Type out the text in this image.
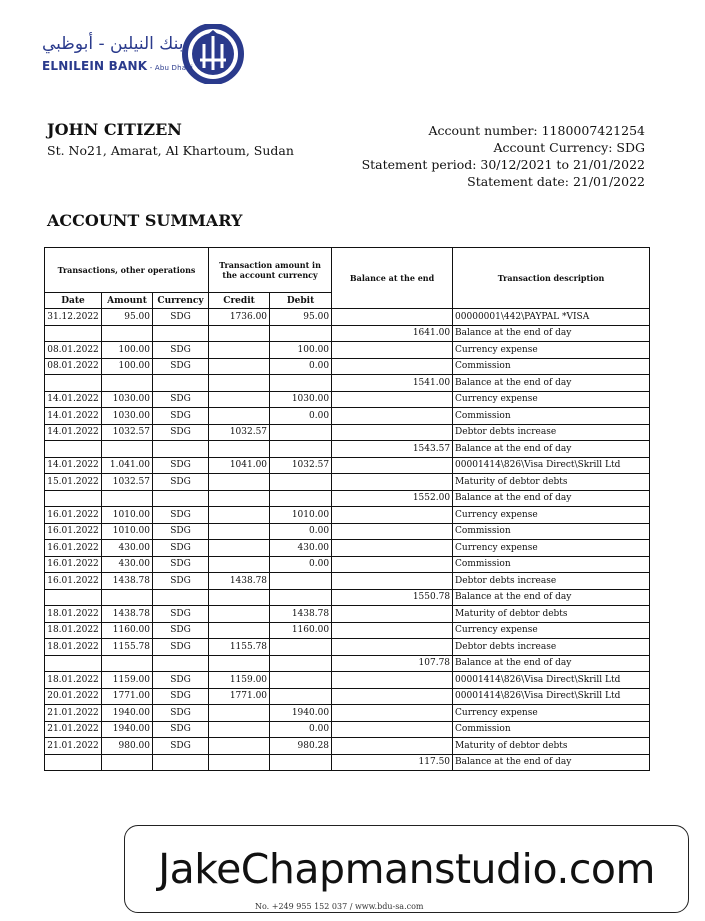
بنك النيلين - أبوظبي
ELNILEIN BANK - Abu Dhabi
JOHN CITIZEN
St. No21, Amarat, Al Khartoum, Sudan
Account number: 1180007421254
Account Currency: SDG
Statement period: 30/12/2021 to 21/01/2022
Statement date: 21/01/2022
ACCOUNT SUMMARY
Transactions, other operations			Transaction amount in the account currency		Balance at the end	Transaction description
Date	Amount	Currency	Credit	Debit		
31.12.2022	95.00	SDG	1736.00	95.00		00000001\442\PAYPAL *VISA
					1641.00	Balance at the end of day
08.01.2022	100.00	SDG		100.00		Currency expense
08.01.2022	100.00	SDG		0.00		Commission
					1541.00	Balance at the end of day
14.01.2022	1030.00	SDG		1030.00		Currency expense
14.01.2022	1030.00	SDG		0.00		Commission
14.01.2022	1032.57	SDG	1032.57			Debtor debts increase
					1543.57	Balance at the end of day
14.01.2022	1.041.00	SDG	1041.00	1032.57		00001414\826\Visa Direct\Skrill Ltd
15.01.2022	1032.57	SDG				Maturity of debtor debts
					1552.00	Balance at the end of day
16.01.2022	1010.00	SDG		1010.00		Currency expense
16.01.2022	1010.00	SDG		0.00		Commission
16.01.2022	430.00	SDG		430.00		Currency expense
16.01.2022	430.00	SDG		0.00		Commission
16.01.2022	1438.78	SDG	1438.78			Debtor debts increase
					1550.78	Balance at the end of day
18.01.2022	1438.78	SDG		1438.78		Maturity of debtor debts
18.01.2022	1160.00	SDG		1160.00		Currency expense
18.01.2022	1155.78	SDG	1155.78			Debtor debts increase
					107.78	Balance at the end of day
18.01.2022	1159.00	SDG	1159.00			00001414\826\Visa Direct\Skrill Ltd
20.01.2022	1771.00	SDG	1771.00			00001414\826\Visa Direct\Skrill Ltd
21.01.2022	1940.00	SDG		1940.00		Currency expense
21.01.2022	1940.00	SDG		0.00		Commission
21.01.2022	980.00	SDG		980.28		Maturity of debtor debts
					117.50	Balance at the end of day
JakeChapmanstudio.com
No. +249 955 152 037 / www.bdu-sa.com
